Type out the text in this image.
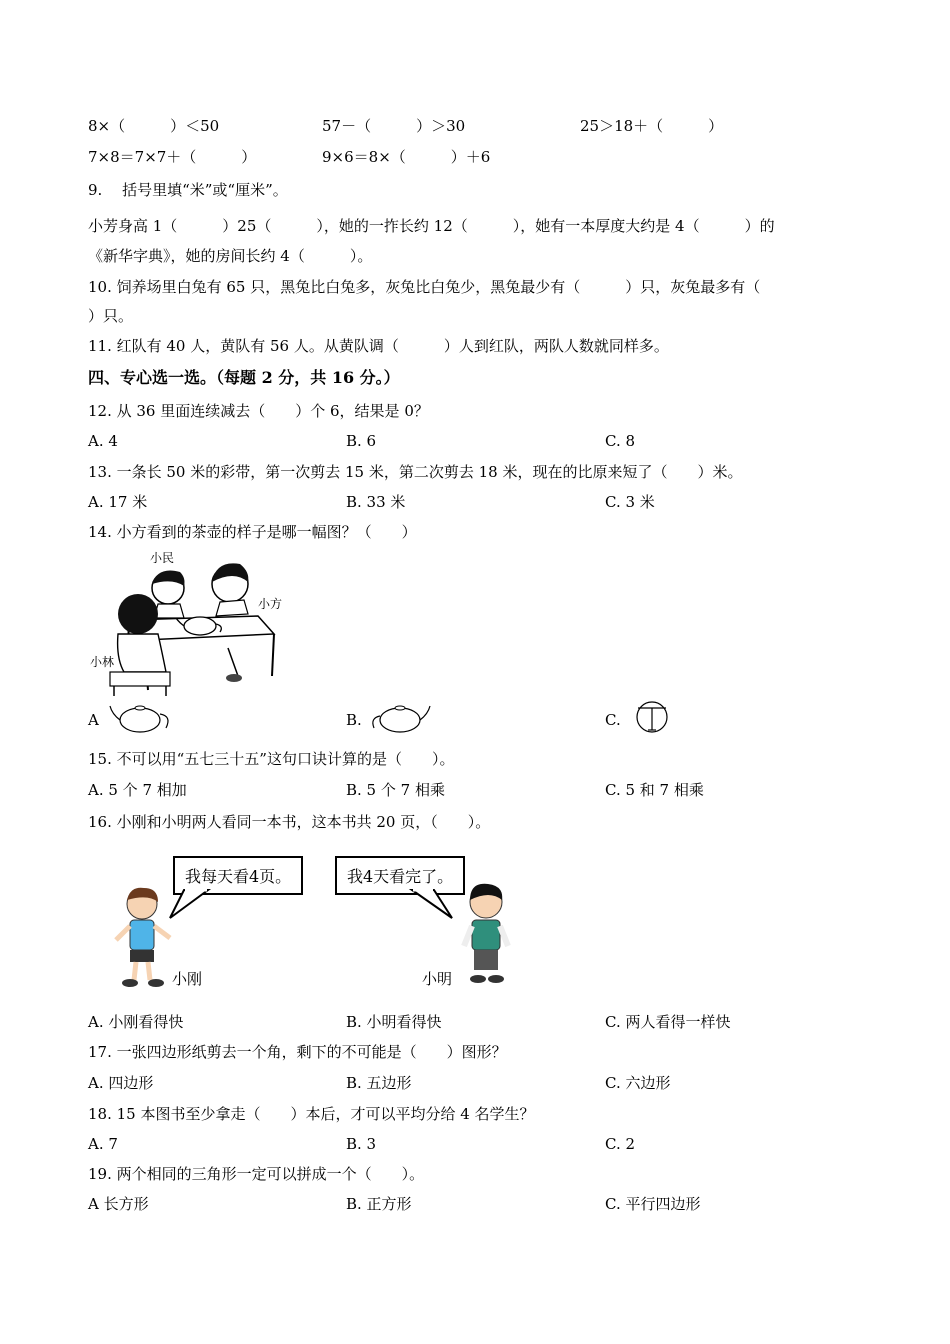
8×（　　　）＜50	57－（　　　）＞30	25＞18＋（　　　）
7×8＝7×7＋（　　　）	9×6＝8×（　　　）＋6
9.　 括号里填“米”或“厘米”。
小芳身高 1（　　　）25（　　　），她的一拃长约 12（　　　），她有一本厚度大约是 4（　　　）的
《新华字典》，她的房间长约 4（　　　）。
10. 饲养场里白兔有 65 只，黑兔比白兔多，灰兔比白兔少，黑兔最少有（　　　）只，灰兔最多有（
）只。
11. 红队有 40 人，黄队有 56 人。从黄队调（　　　）人到红队，两队人数就同样多。
四、专心选一选。（每题 2 分，共 16 分。）
12. 从 36 里面连续减去（　　）个 6，结果是 0？
A. 4	B. 6	C. 8
13. 一条长 50 米的彩带，第一次剪去 15 米，第二次剪去 18 米，现在的比原来短了（　　）米。
A. 17 米	B. 33 米	C. 3 米
14. 小方看到的茶壶的样子是哪一幅图？（　　）
小民
小方
小林
A	B.	C.
15. 不可以用“五七三十五”这句口诀计算的是（　　）。
A. 5 个 7 相加	B. 5 个 7 相乘	C. 5 和 7 相乘
16. 小刚和小明两人看同一本书，这本书共 20 页，（　　）。
我每天看4页。	我4天看完了。
小刚	小明
A. 小刚看得快	B. 小明看得快	C. 两人看得一样快
17. 一张四边形纸剪去一个角，剩下的不可能是（　　）图形？
A. 四边形	B. 五边形	C. 六边形
18. 15 本图书至少拿走（　　）本后，才可以平均分给 4 名学生？
A. 7	B. 3	C. 2
19. 两个相同的三角形一定可以拼成一个（　　）。
A 长方形	B. 正方形	C. 平行四边形
